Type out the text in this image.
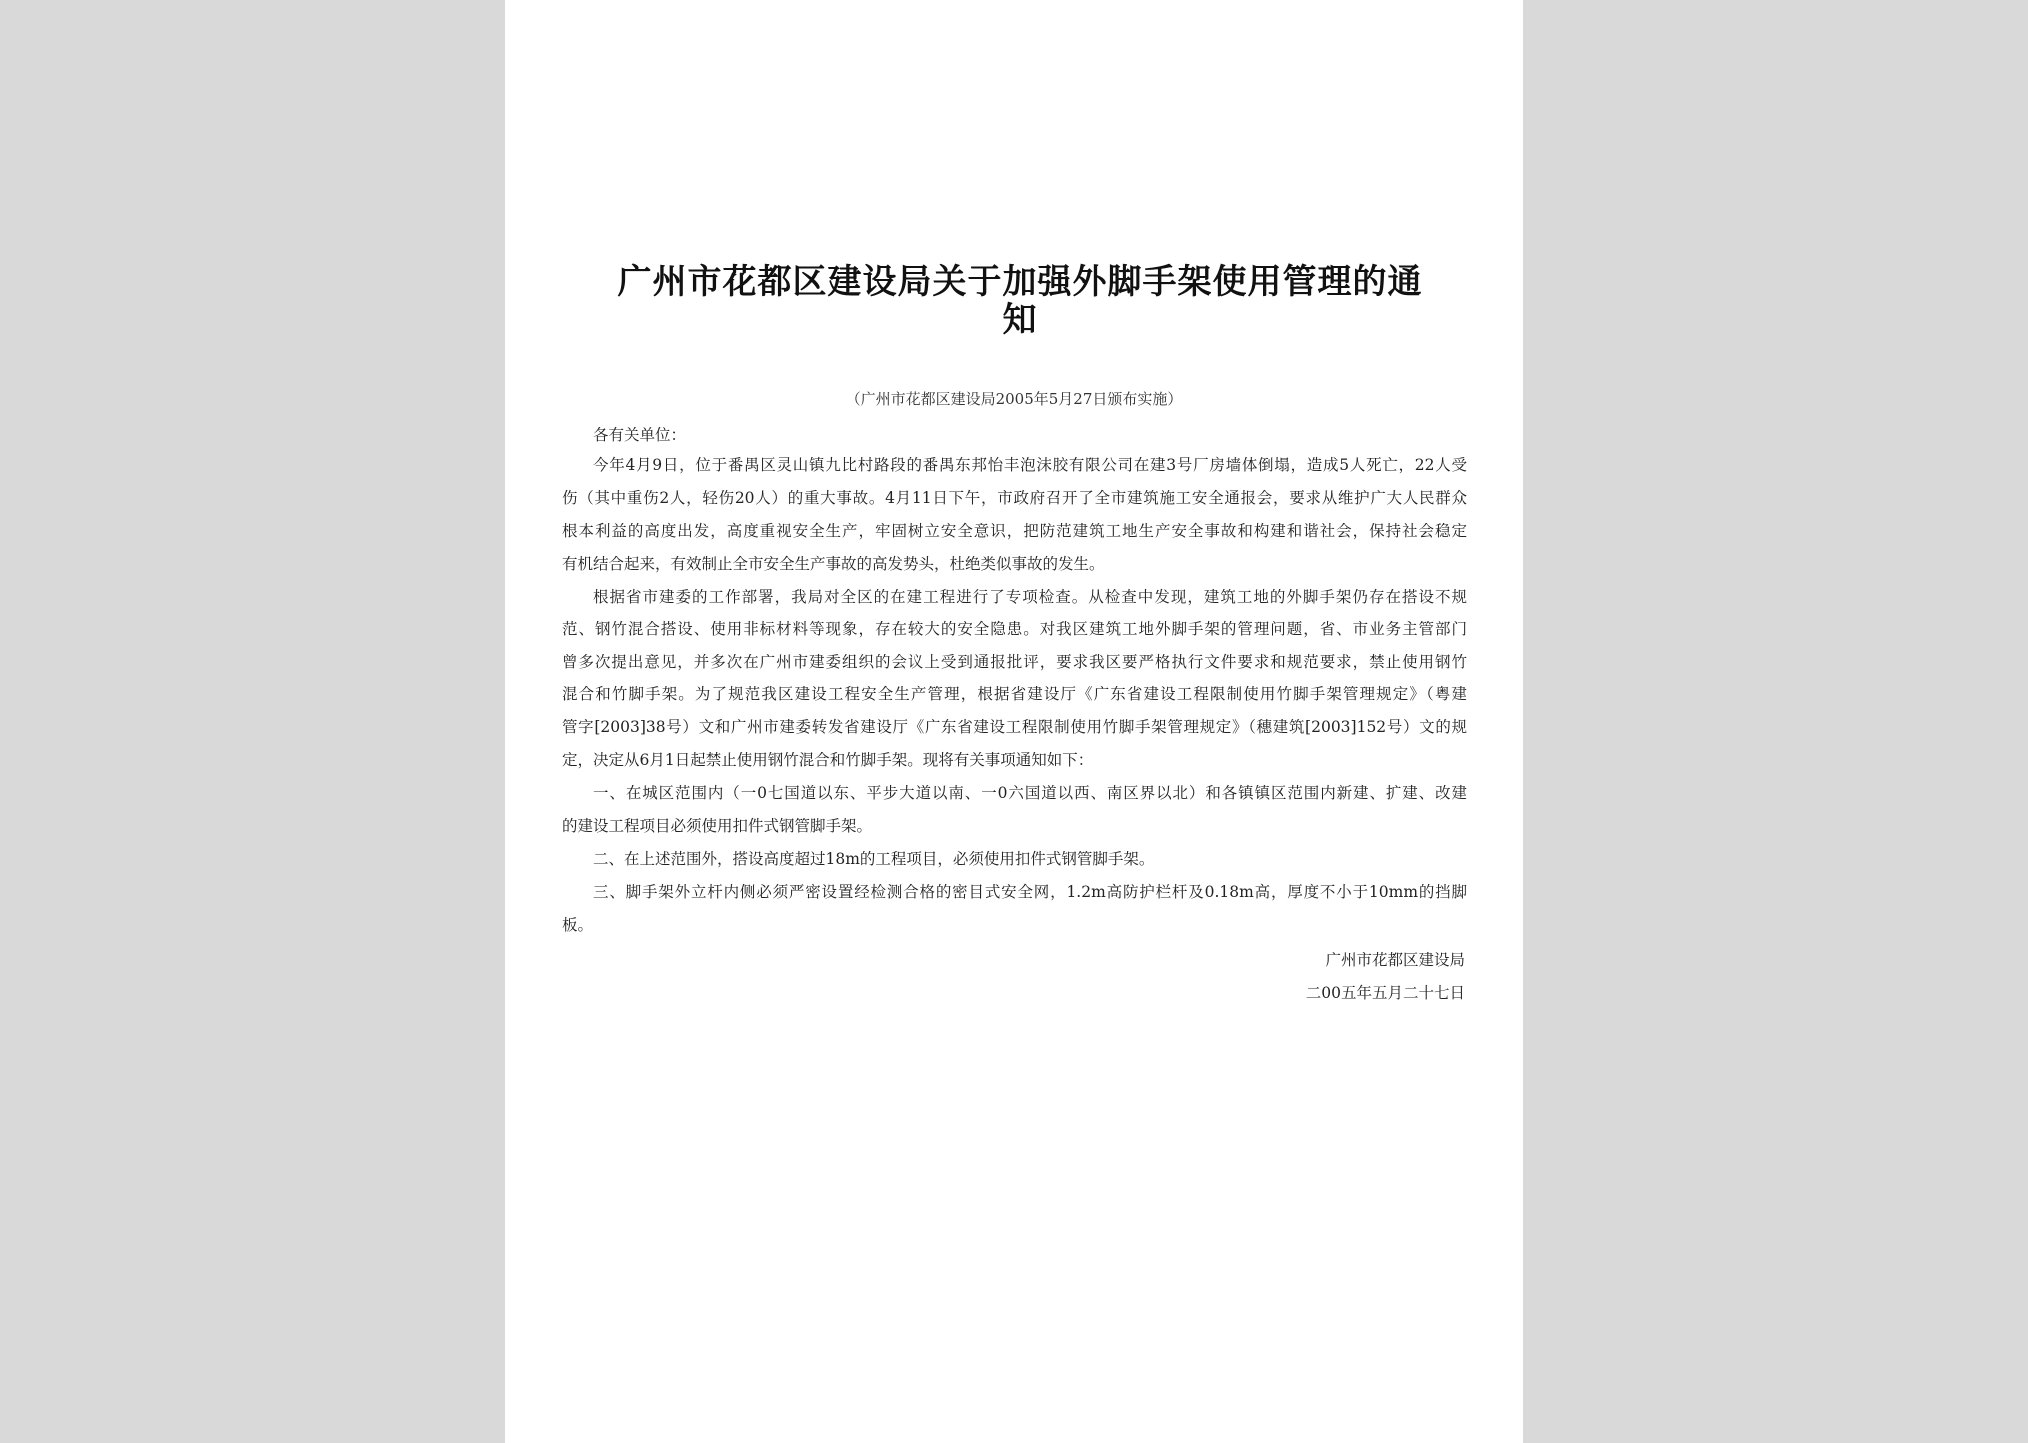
广州市花都区建设局关于加强外脚手架使用管理的通
知
（广州市花都区建设局2005年5月27日颁布实施）
各有关单位：
今年4月9日，位于番禺区灵山镇九比村路段的番禺东邦怡丰泡沫胶有限公司在建3号厂房墙体倒塌，造成5人死亡，22人受
伤（其中重伤2人，轻伤20人）的重大事故。4月11日下午，市政府召开了全市建筑施工安全通报会，要求从维护广大人民群众
根本利益的高度出发，高度重视安全生产，牢固树立安全意识，把防范建筑工地生产安全事故和构建和谐社会，保持社会稳定
有机结合起来，有效制止全市安全生产事故的高发势头，杜绝类似事故的发生。
根据省市建委的工作部署，我局对全区的在建工程进行了专项检查。从检查中发现，建筑工地的外脚手架仍存在搭设不规
范、钢竹混合搭设、使用非标材料等现象，存在较大的安全隐患。对我区建筑工地外脚手架的管理问题，省、市业务主管部门
曾多次提出意见，并多次在广州市建委组织的会议上受到通报批评，要求我区要严格执行文件要求和规范要求，禁止使用钢竹
混合和竹脚手架。为了规范我区建设工程安全生产管理，根据省建设厅《广东省建设工程限制使用竹脚手架管理规定》（粤建
管字[2003]38号）文和广州市建委转发省建设厅《广东省建设工程限制使用竹脚手架管理规定》（穗建筑[2003]152号）文的规
定，决定从6月1日起禁止使用钢竹混合和竹脚手架。现将有关事项通知如下：
一、在城区范围内（一0七国道以东、平步大道以南、一0六国道以西、南区界以北）和各镇镇区范围内新建、扩建、改建
的建设工程项目必须使用扣件式钢管脚手架。
二、在上述范围外，搭设高度超过18m的工程项目，必须使用扣件式钢管脚手架。
三、脚手架外立杆内侧必须严密设置经检测合格的密目式安全网，1.2m高防护栏杆及0.18m高，厚度不小于10mm的挡脚
板。
广州市花都区建设局
二00五年五月二十七日
